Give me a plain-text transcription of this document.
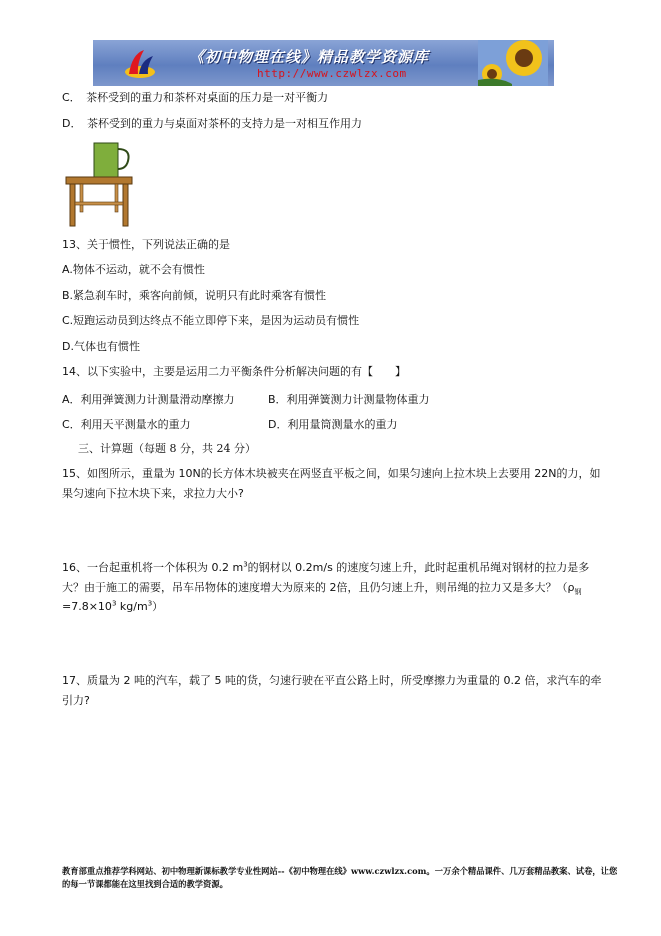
《初中物理在线》精品教学资源库
http://www.czwlzx.com
C．　茶杯受到的重力和茶杯对桌面的压力是一对平衡力
D．　茶杯受到的重力与桌面对茶杯的支持力是一对相互作用力
13、关于惯性，下列说法正确的是
A.物体不运动，就不会有惯性
B.紧急刹车时，乘客向前倾，说明只有此时乘客有惯性
C.短跑运动员到达终点不能立即停下来，是因为运动员有惯性
D.气体也有惯性
14、以下实验中，主要是运用二力平衡条件分析解决问题的有【　　】
A．利用弹簧测力计测量滑动摩擦力	B．利用弹簧测力计测量物体重力
C．利用天平测量水的重力	D．利用量筒测量水的重力
三、计算题（每题 8 分，共 24 分）
15、如图所示，重量为 10N的长方体木块被夹在两竖直平板之间，如果匀速向上拉木块上去要用 22N的力，如果匀速向下拉木块下来，求拉力大小?
16、一台起重机将一个体积为 0.2 $m^3$的钢材以 0.2m/s 的速度匀速上升，此时起重机吊绳对钢材的拉力是多大？由于施工的需要，吊车吊物体的速度增大为原来的 2倍，且仍匀速上升，则吊绳的拉力又是多大？（$\rho_钢=7.8\times 10^3$ $kg/m^3$）
17、质量为 2 吨的汽车，载了 5 吨的货，匀速行驶在平直公路上时，所受摩擦力为重量的 0.2 倍，求汽车的牵引力?
教育部重点推荐学科网站、初中物理新课标教学专业性网站--《初中物理在线》www.czwlzx.com。一万余个精品课件、几万套精品教案、试卷，让您的每一节课都能在这里找到合适的教学资源。
